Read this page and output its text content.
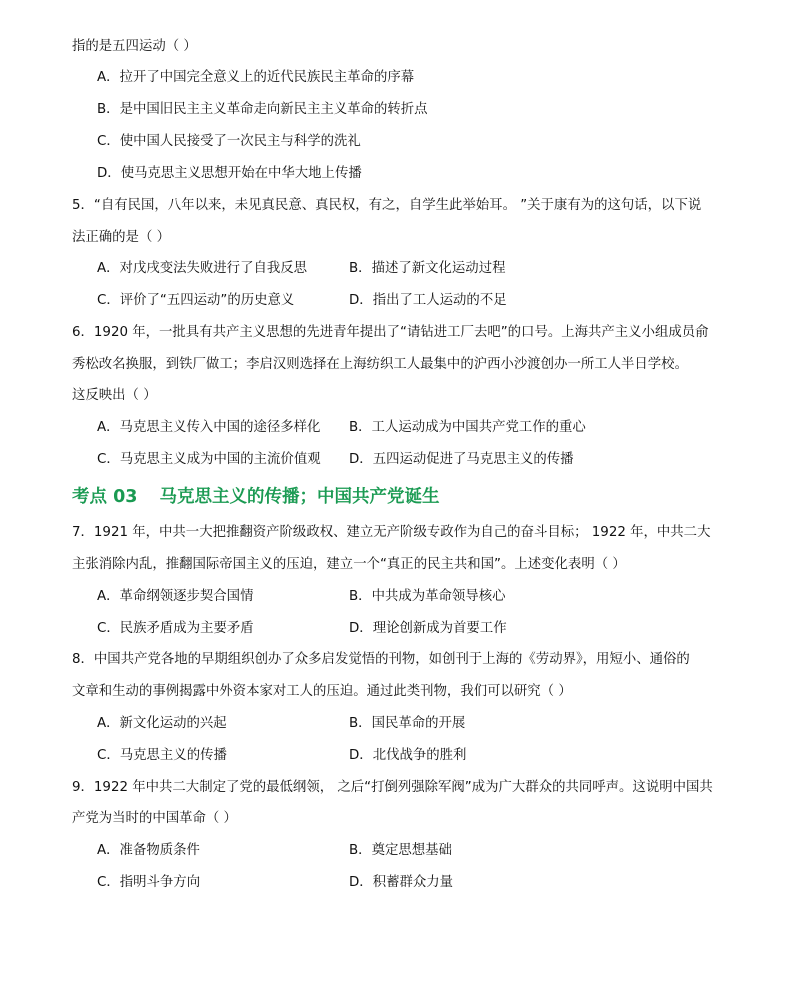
指的是五四运动（ ）
A．拉开了中国完全意义上的近代民族民主革命的序幕
B．是中国旧民主主义革命走向新民主主义革命的转折点
C．使中国人民接受了一次民主与科学的洗礼
D．使马克思主义思想开始在中华大地上传播
5．“自有民国，八年以来，未见真民意、真民权，有之，自学生此举始耳。 ”关于康有为的这句话，以下说
法正确的是（ ）
A．对戊戌变法失败进行了自我反思	B．描述了新文化运动过程
C．评价了“五四运动”的历史意义	D．指出了工人运动的不足
6．1920 年，一批具有共产主义思想的先进青年提出了“请钻进工厂去吧”的口号。上海共产主义小组成员俞
秀松改名换服，到铁厂做工；李启汉则选择在上海纺织工人最集中的沪西小沙渡创办一所工人半日学校。
这反映出（ ）
A．马克思主义传入中国的途径多样化 B．工人运动成为中国共产党工作的重心
C．马克思主义成为中国的主流价值观 D．五四运动促进了马克思主义的传播
考点 03 马克思主义的传播；中国共产党诞生
7．1921 年，中共一大把推翻资产阶级政权、建立无产阶级专政作为自己的奋斗目标； 1922 年，中共二大
主张消除内乱，推翻国际帝国主义的压迫，建立一个“真正的民主共和国”。上述变化表明（ ）
A．革命纲领逐步契合国情	B．中共成为革命领导核心
C．民族矛盾成为主要矛盾	D．理论创新成为首要工作
8．中国共产党各地的早期组织创办了众多启发觉悟的刊物，如创刊于上海的《劳动界》，用短小、通俗的
文章和生动的事例揭露中外资本家对工人的压迫。通过此类刊物，我们可以研究（ ）
A．新文化运动的兴起	B．国民革命的开展
C．马克思主义的传播	D．北伐战争的胜利
9．1922 年中共二大制定了党的最低纲领， 之后“打倒列强除军阀”成为广大群众的共同呼声。这说明中国共
产党为当时的中国革命（ ）
A．准备物质条件	B．奠定思想基础
C．指明斗争方向	D．积蓄群众力量
